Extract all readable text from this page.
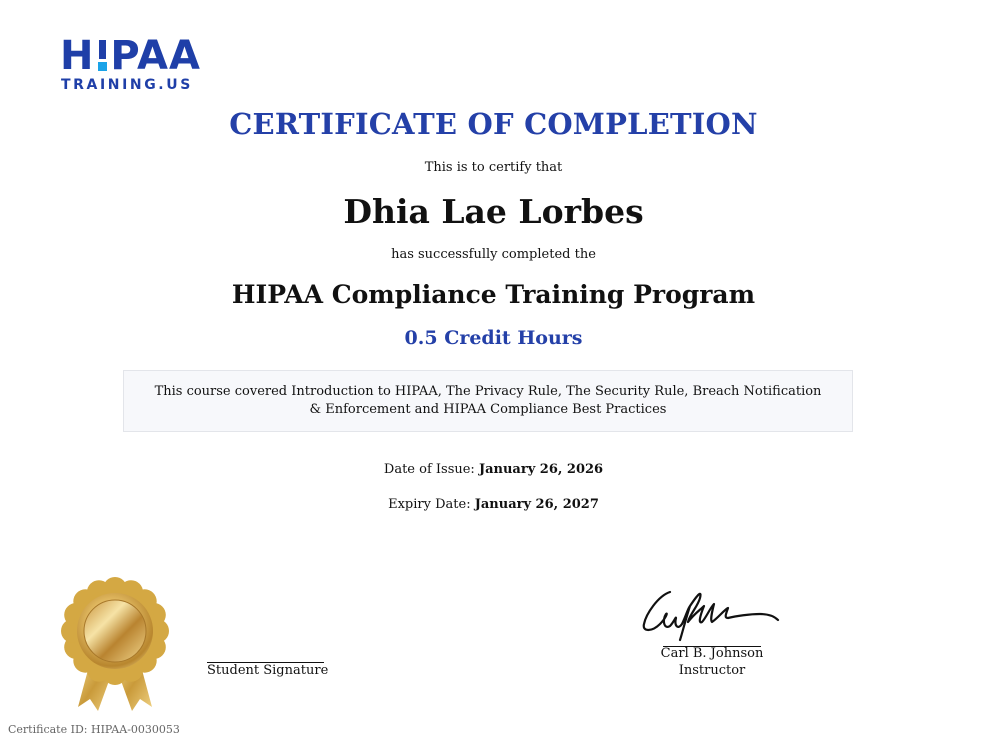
H PAA
TRAINING.US
CERTIFICATE OF COMPLETION
This is to certify that
Dhia Lae Lorbes
has successfully completed the
HIPAA Compliance Training Program
0.5 Credit Hours
This course covered Introduction to HIPAA, The Privacy Rule, The Security Rule, Breach Notification & Enforcement and HIPAA Compliance Best Practices
Date of Issue: January 26, 2026
Expiry Date: January 26, 2027
Student Signature
Carl B. Johnson
Instructor
Certificate ID: HIPAA-0030053
